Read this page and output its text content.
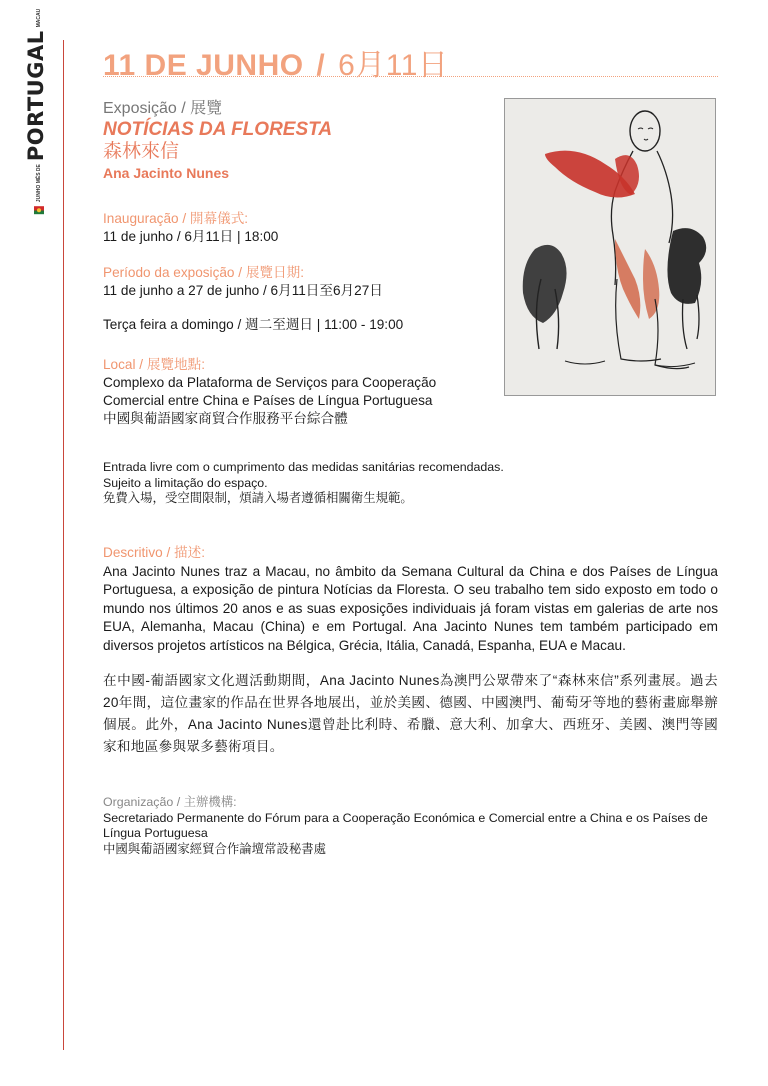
JUNHO MÊS DEPORTUGALMACAU
11 DE JUNHO / 6月11日
Exposição / 展覽
NOTÍCIAS DA FLORESTA
森林來信
Ana Jacinto Nunes
Inauguração / 開幕儀式:
11 de junho / 6月11日 | 18:00
Período da exposição / 展覽日期:
11 de junho a 27 de junho / 6月11日至6月27日
Terça feira a domingo / 週二至週日 | 11:00 - 19:00
Local / 展覽地點:
Complexo da Plataforma de Serviços para Cooperação
Comercial entre China e Países de Língua Portuguesa
中國與葡語國家商貿合作服務平台綜合體
Entrada livre com o cumprimento das medidas sanitárias recomendadas.
Sujeito a limitação do espaço.
免費入場，受空間限制，煩請入場者遵循相關衛生規範。
Descritivo / 描述:
Ana Jacinto Nunes traz a Macau, no âmbito da Semana Cultural da China e dos Países de Língua Portuguesa, a exposição de pintura Notícias da Floresta. O seu trabalho tem sido exposto em todo o mundo nos últimos 20 anos e as suas exposições individuais já foram vistas em galerias de arte nos EUA, Alemanha, Macau (China) e em Portugal. Ana Jacinto Nunes tem também participado em diversos projetos artísticos na Bélgica, Grécia, Itália, Canadá, Espanha, EUA e Macau.
在中國-葡語國家文化週活動期間，Ana Jacinto Nunes為澳門公眾帶來了“森林來信”系列畫展。過去20年間，這位畫家的作品在世界各地展出，並於美國、德國、中國澳門、葡萄牙等地的藝術畫廊舉辦個展。此外，Ana Jacinto Nunes還曾赴比利時、希臘、意大利、加拿大、西班牙、美國、澳門等國家和地區參與眾多藝術項目。
Organização / 主辦機構:
Secretariado Permanente do Fórum para a Cooperação Económica e Comercial entre a China e os Países de Língua Portuguesa
中國與葡語國家經貿合作論壇常設秘書處
